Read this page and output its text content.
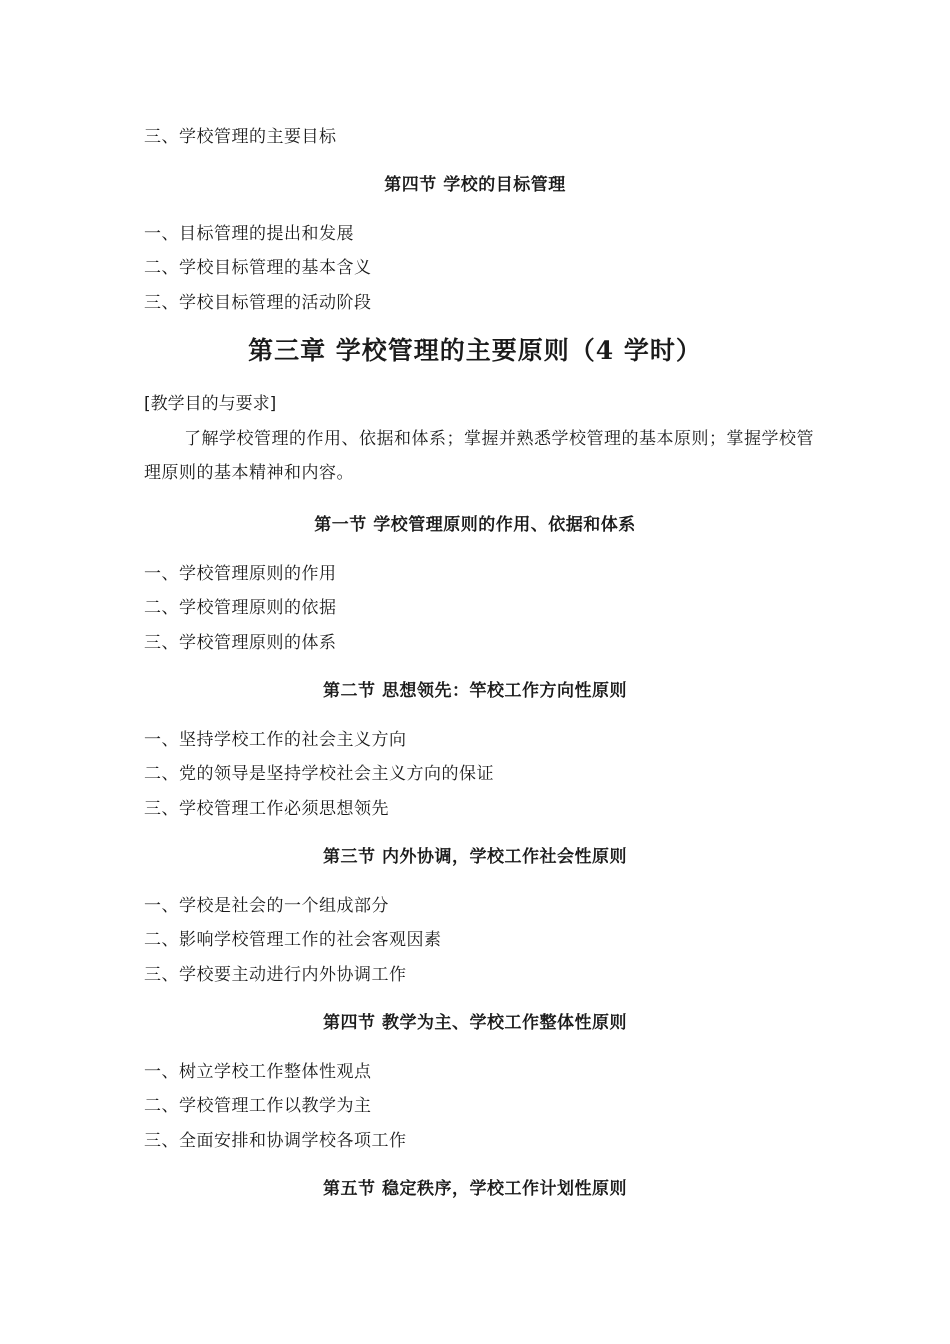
三、学校管理的主要目标
第四节 学校的目标管理
一、目标管理的提出和发展
二、学校目标管理的基本含义
三、学校目标管理的活动阶段
第三章 学校管理的主要原则（4 学时）
[教学目的与要求]
了解学校管理的作用、依据和体系；掌握并熟悉学校管理的基本原则；掌握学校管理原则的基本精神和内容。
第一节 学校管理原则的作用、依据和体系
一、学校管理原则的作用
二、学校管理原则的依据
三、学校管理原则的体系
第二节 思想领先：竿校工作方向性原则
一、坚持学校工作的社会主义方向
二、党的领导是坚持学校社会主义方向的保证
三、学校管理工作必须思想领先
第三节 内外协调，学校工作社会性原则
一、学校是社会的一个组成部分
二、影响学校管理工作的社会客观因素
三、学校要主动进行内外协调工作
第四节 教学为主、学校工作整体性原则
一、树立学校工作整体性观点
二、学校管理工作以教学为主
三、全面安排和协调学校各项工作
第五节 稳定秩序，学校工作计划性原则
